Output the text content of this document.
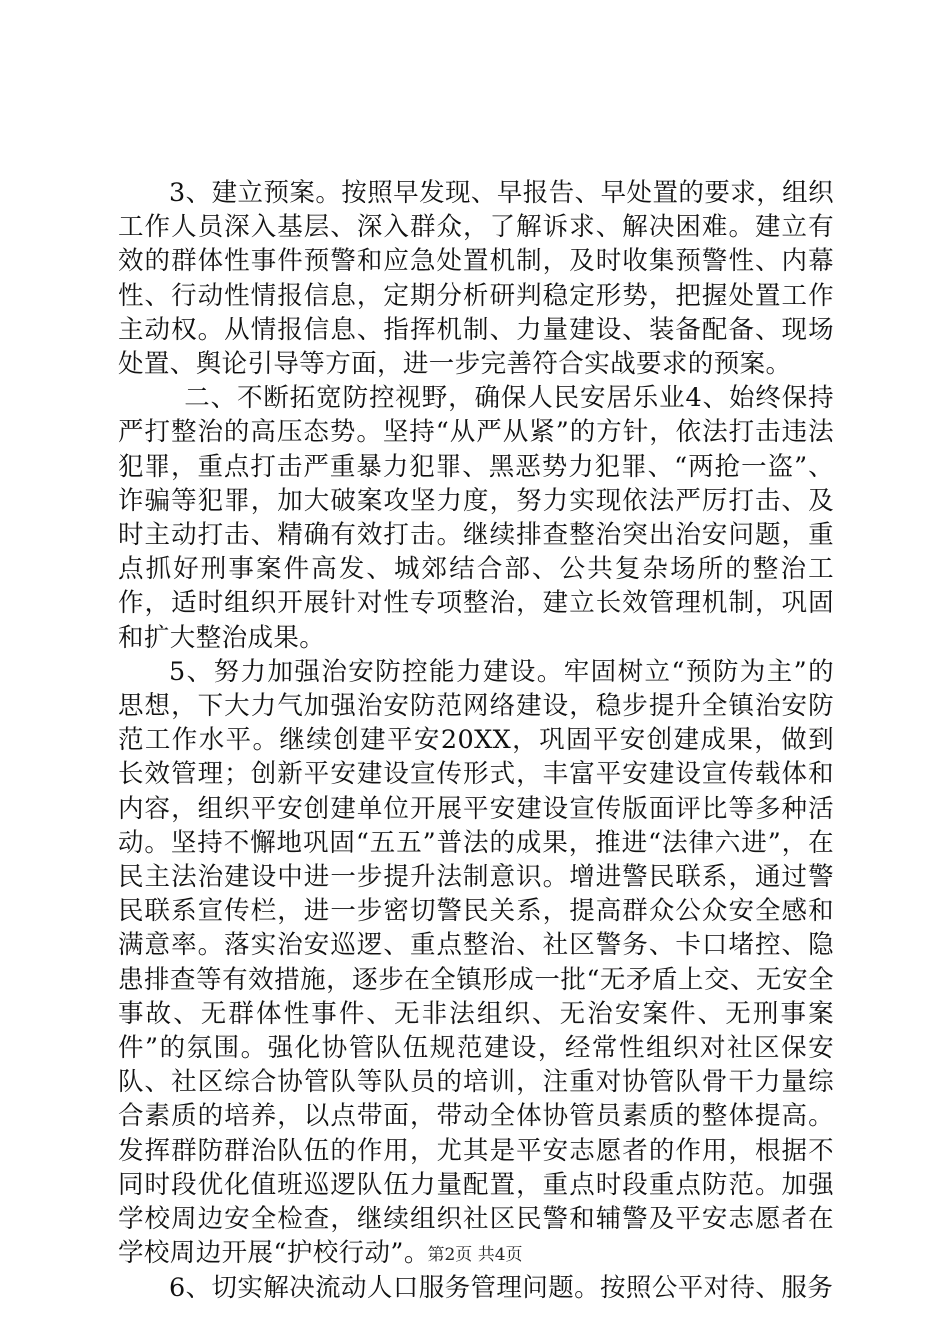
3、建立预案。按照早发现、早报告、早处置的要求，组织工作人员深入基层、深入群众，了解诉求、解决困难。建立有效的群体性事件预警和应急处置机制，及时收集预警性、内幕性、行动性情报信息，定期分析研判稳定形势，把握处置工作主动权。从情报信息、指挥机制、力量建设、装备配备、现场处置、舆论引导等方面，进一步完善符合实战要求的预案。

二、不断拓宽防控视野，确保人民安居乐业4、始终保持严打整治的高压态势。坚持“从严从紧”的方针，依法打击违法犯罪，重点打击严重暴力犯罪、黑恶势力犯罪、“两抢一盗”、诈骗等犯罪，加大破案攻坚力度，努力实现依法严厉打击、及时主动打击、精确有效打击。继续排查整治突出治安问题，重点抓好刑事案件高发、城郊结合部、公共复杂场所的整治工作，适时组织开展针对性专项整治，建立长效管理机制，巩固和扩大整治成果。

5、努力加强治安防控能力建设。牢固树立“预防为主”的思想，下大力气加强治安防范网络建设，稳步提升全镇治安防范工作水平。继续创建平安20XX，巩固平安创建成果，做到长效管理；创新平安建设宣传形式，丰富平安建设宣传载体和内容，组织平安创建单位开展平安建设宣传版面评比等多种活动。坚持不懈地巩固“五五”普法的成果，推进“法律六进”，在民主法治建设中进一步提升法制意识。增进警民联系，通过警民联系宣传栏，进一步密切警民关系，提高群众公众安全感和满意率。落实治安巡逻、重点整治、社区警务、卡口堵控、隐患排查等有效措施，逐步在全镇形成一批“无矛盾上交、无安全事故、无群体性事件、无非法组织、无治安案件、无刑事案件”的氛围。强化协管队伍规范建设，经常性组织对社区保安队、社区综合协管队等队员的培训，注重对协管队骨干力量综合素质的培养，以点带面，带动全体协管员素质的整体提高。发挥群防群治队伍的作用，尤其是平安志愿者的作用，根据不同时段优化值班巡逻队伍力量配置，重点时段重点防范。加强学校周边安全检查，继续组织社区民警和辅警及平安志愿者在学校周边开展“护校行动”。

6、切实解决流动人口服务管理问题。按照公平对待、服务

第2页 共4页
